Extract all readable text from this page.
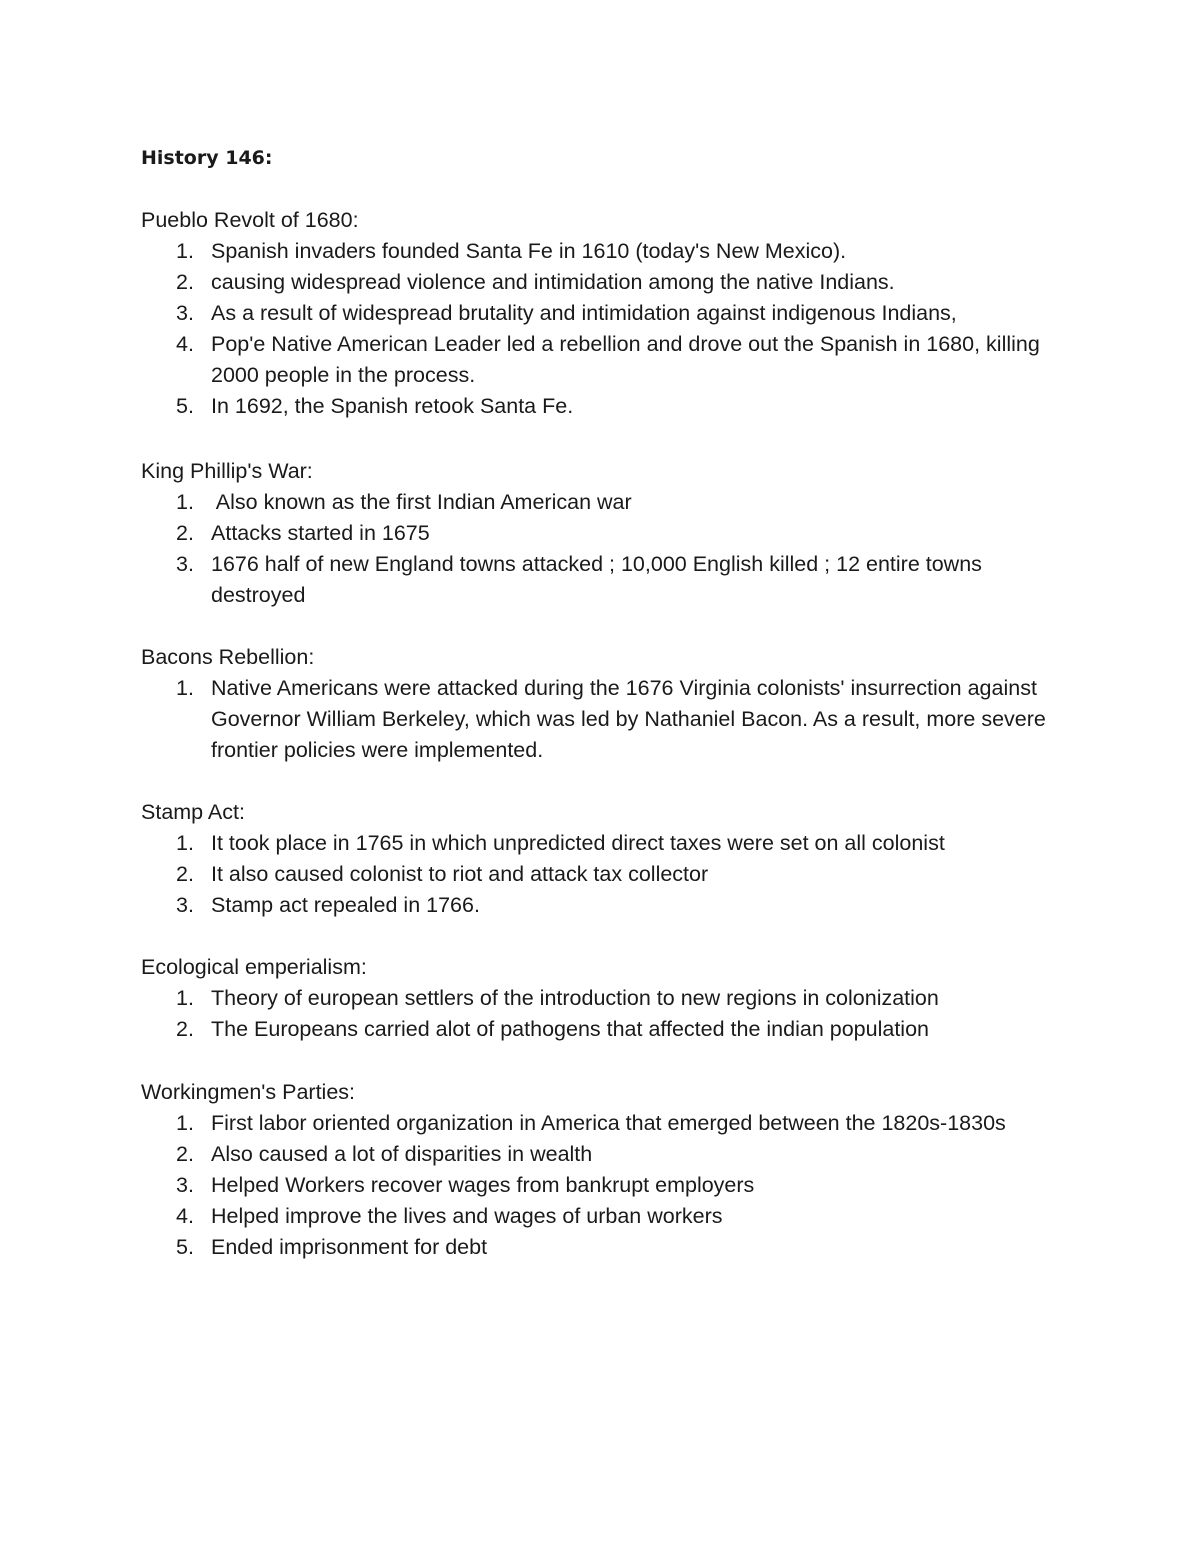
History 146:
Pueblo Revolt of 1680:
1. Spanish invaders founded Santa Fe in 1610 (today's New Mexico).
2. causing widespread violence and intimidation among the native Indians.
3. As a result of widespread brutality and intimidation against indigenous Indians,
4. Pop'e Native American Leader led a rebellion and drove out the Spanish in 1680, killing 2000 people in the process.
5. In 1692, the Spanish retook Santa Fe.
King Phillip's War:
1. Also known as the first Indian American war
2. Attacks started in 1675
3. 1676 half of new England towns attacked ; 10,000 English killed ; 12 entire towns destroyed
Bacons Rebellion:
1. Native Americans were attacked during the 1676 Virginia colonists' insurrection against Governor William Berkeley, which was led by Nathaniel Bacon. As a result, more severe frontier policies were implemented.
Stamp Act:
1. It took place in 1765 in which unpredicted direct taxes were set on all colonist
2. It also caused colonist to riot and attack tax collector
3. Stamp act repealed in 1766.
Ecological emperialism:
1. Theory of european settlers of the introduction to new regions in colonization
2. The Europeans carried alot of pathogens that affected the indian population
Workingmen's Parties:
1. First labor oriented organization in America that emerged between the 1820s-1830s
2. Also caused a lot of disparities in wealth
3. Helped Workers recover wages from bankrupt employers
4. Helped improve the lives and wages of urban workers
5. Ended imprisonment for debt
